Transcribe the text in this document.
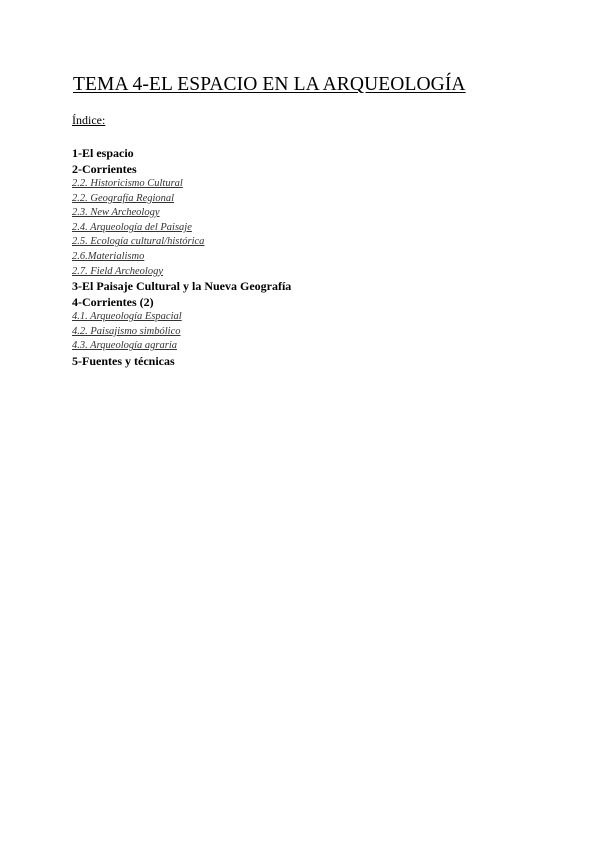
TEMA 4-EL ESPACIO EN LA ARQUEOLOGÍA
Índice:
1-El espacio
2-Corrientes
2.2. Historicismo Cultural
2.2. Geografía Regional
2.3. New Archeology
2.4. Arqueología del Paisaje
2.5. Ecología cultural/histórica
2.6.Materialismo
2.7. Field Archeology
3-El Paisaje Cultural y la Nueva Geografía
4-Corrientes (2)
4.1. Arqueología Espacial
4.2. Paisajismo simbólico
4.3. Arqueología agraria
5-Fuentes y técnicas
